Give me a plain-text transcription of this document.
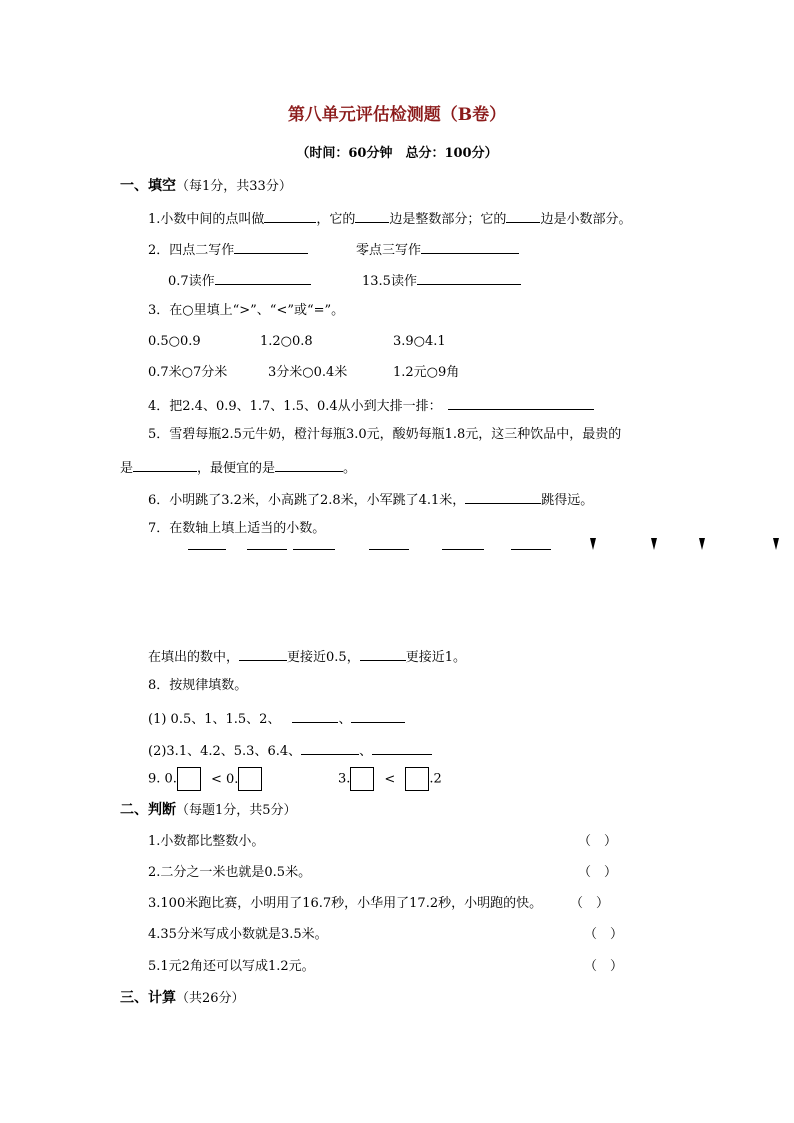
第八单元评估检测题（B卷）
（时间：60分钟　总分：100分）
一、填空（每1分，共33分）
1.小数中间的点叫做	，它的	边是整数部分；它的	边是小数部分。
2．四点二写作	零点三写作
0.7读作	13.5读作
3．在○里填上“>”、“<”或“=”。
0.5○0.9	1.2○0.8	3.9○4.1
0.7米○7分米	3分米○0.4米	1.2元○9角
4．把2.4、0.9、1.7、1.5、0.4从小到大排一排：
5．雪碧每瓶2.5元牛奶，橙汁每瓶3.0元，酸奶每瓶1.8元，这三种饮品中，最贵的
是	，最便宜的是	。
6．小明跳了3.2米，小高跳了2.8米，小军跳了4.1米，	跳得远。
7．在数轴上填上适当的小数。
在填出的数中，	更接近0.5，	更接近1。
8．按规律填数。
(1) 0.5、1、1.5、2、	、
(2)3.1、4.2、5.3、6.4、	、
9. 0.	< 0.	3.	<	.2
二、判断（每题1分，共5分）
1.小数都比整数小。	（　）
2.二分之一米也就是0.5米。	（　）
3.100米跑比赛，小明用了16.7秒，小华用了17.2秒，小明跑的快。 （　）
4.35分米写成小数就是3.5米。	（　）
5.1元2角还可以写成1.2元。	（　）
三、计算（共26分）
